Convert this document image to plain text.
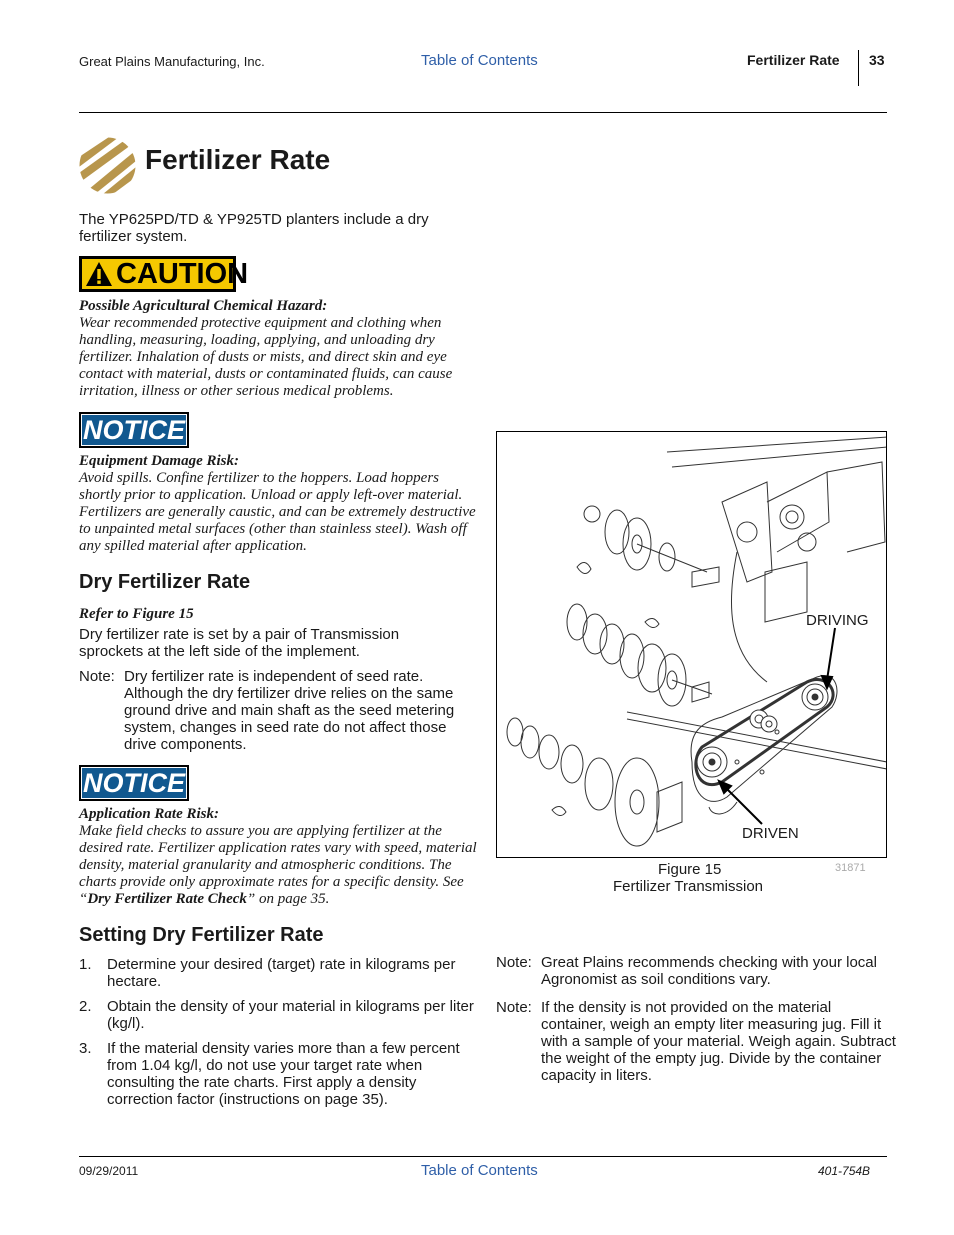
Great Plains Manufacturing, Inc.	Table of Contents	Fertilizer Rate 33
Fertilizer Rate
The YP625PD/TD & YP925TD planters include a dry fertilizer system.
CAUTION
Possible Agricultural Chemical Hazard:
Wear recommended protective equipment and clothing when handling, measuring, loading, applying, and unloading dry fertilizer. Inhalation of dusts or mists, and direct skin and eye contact with material, dusts or contaminated fluids, can cause irritation, illness or other serious medical problems.
NOTICE
Equipment Damage Risk:
Avoid spills. Confine fertilizer to the hoppers. Load hoppers shortly prior to application. Unload or apply left-over material. Fertilizers are generally caustic, and can be extremely destructive to unpainted metal surfaces (other than stainless steel). Wash off any spilled material after application.
Dry Fertilizer Rate
Refer to Figure 15
Dry fertilizer rate is set by a pair of Transmission sprockets at the left side of the implement.
Note: Dry fertilizer rate is independent of seed rate. Although the dry fertilizer drive relies on the same ground drive and main shaft as the seed metering system, changes in seed rate do not affect those drive components.
NOTICE
Application Rate Risk:
Make field checks to assure you are applying fertilizer at the desired rate. Fertilizer application rates vary with speed, material density, material granularity and atmospheric conditions. The charts provide only approximate rates for a specific density. See “Dry Fertilizer Rate Check” on page 35.
Setting Dry Fertilizer Rate
1.	Determine your desired (target) rate in kilograms per hectare.
2.	Obtain the density of your material in kilograms per liter (kg/l).
3.	If the material density varies more than a few percent from 1.04 kg/l, do not use your target rate when consulting the rate charts. First apply a density correction factor (instructions on page 35).
DRIVING
DRIVEN
Figure 15
Fertilizer Transmission
31871
Note: Great Plains recommends checking with your local Agronomist as soil conditions vary.
Note: If the density is not provided on the material container, weigh an empty liter measuring jug. Fill it with a sample of your material. Weigh again. Subtract the weight of the empty jug. Divide by the container capacity in liters.
09/29/2011	Table of Contents	401-754B
